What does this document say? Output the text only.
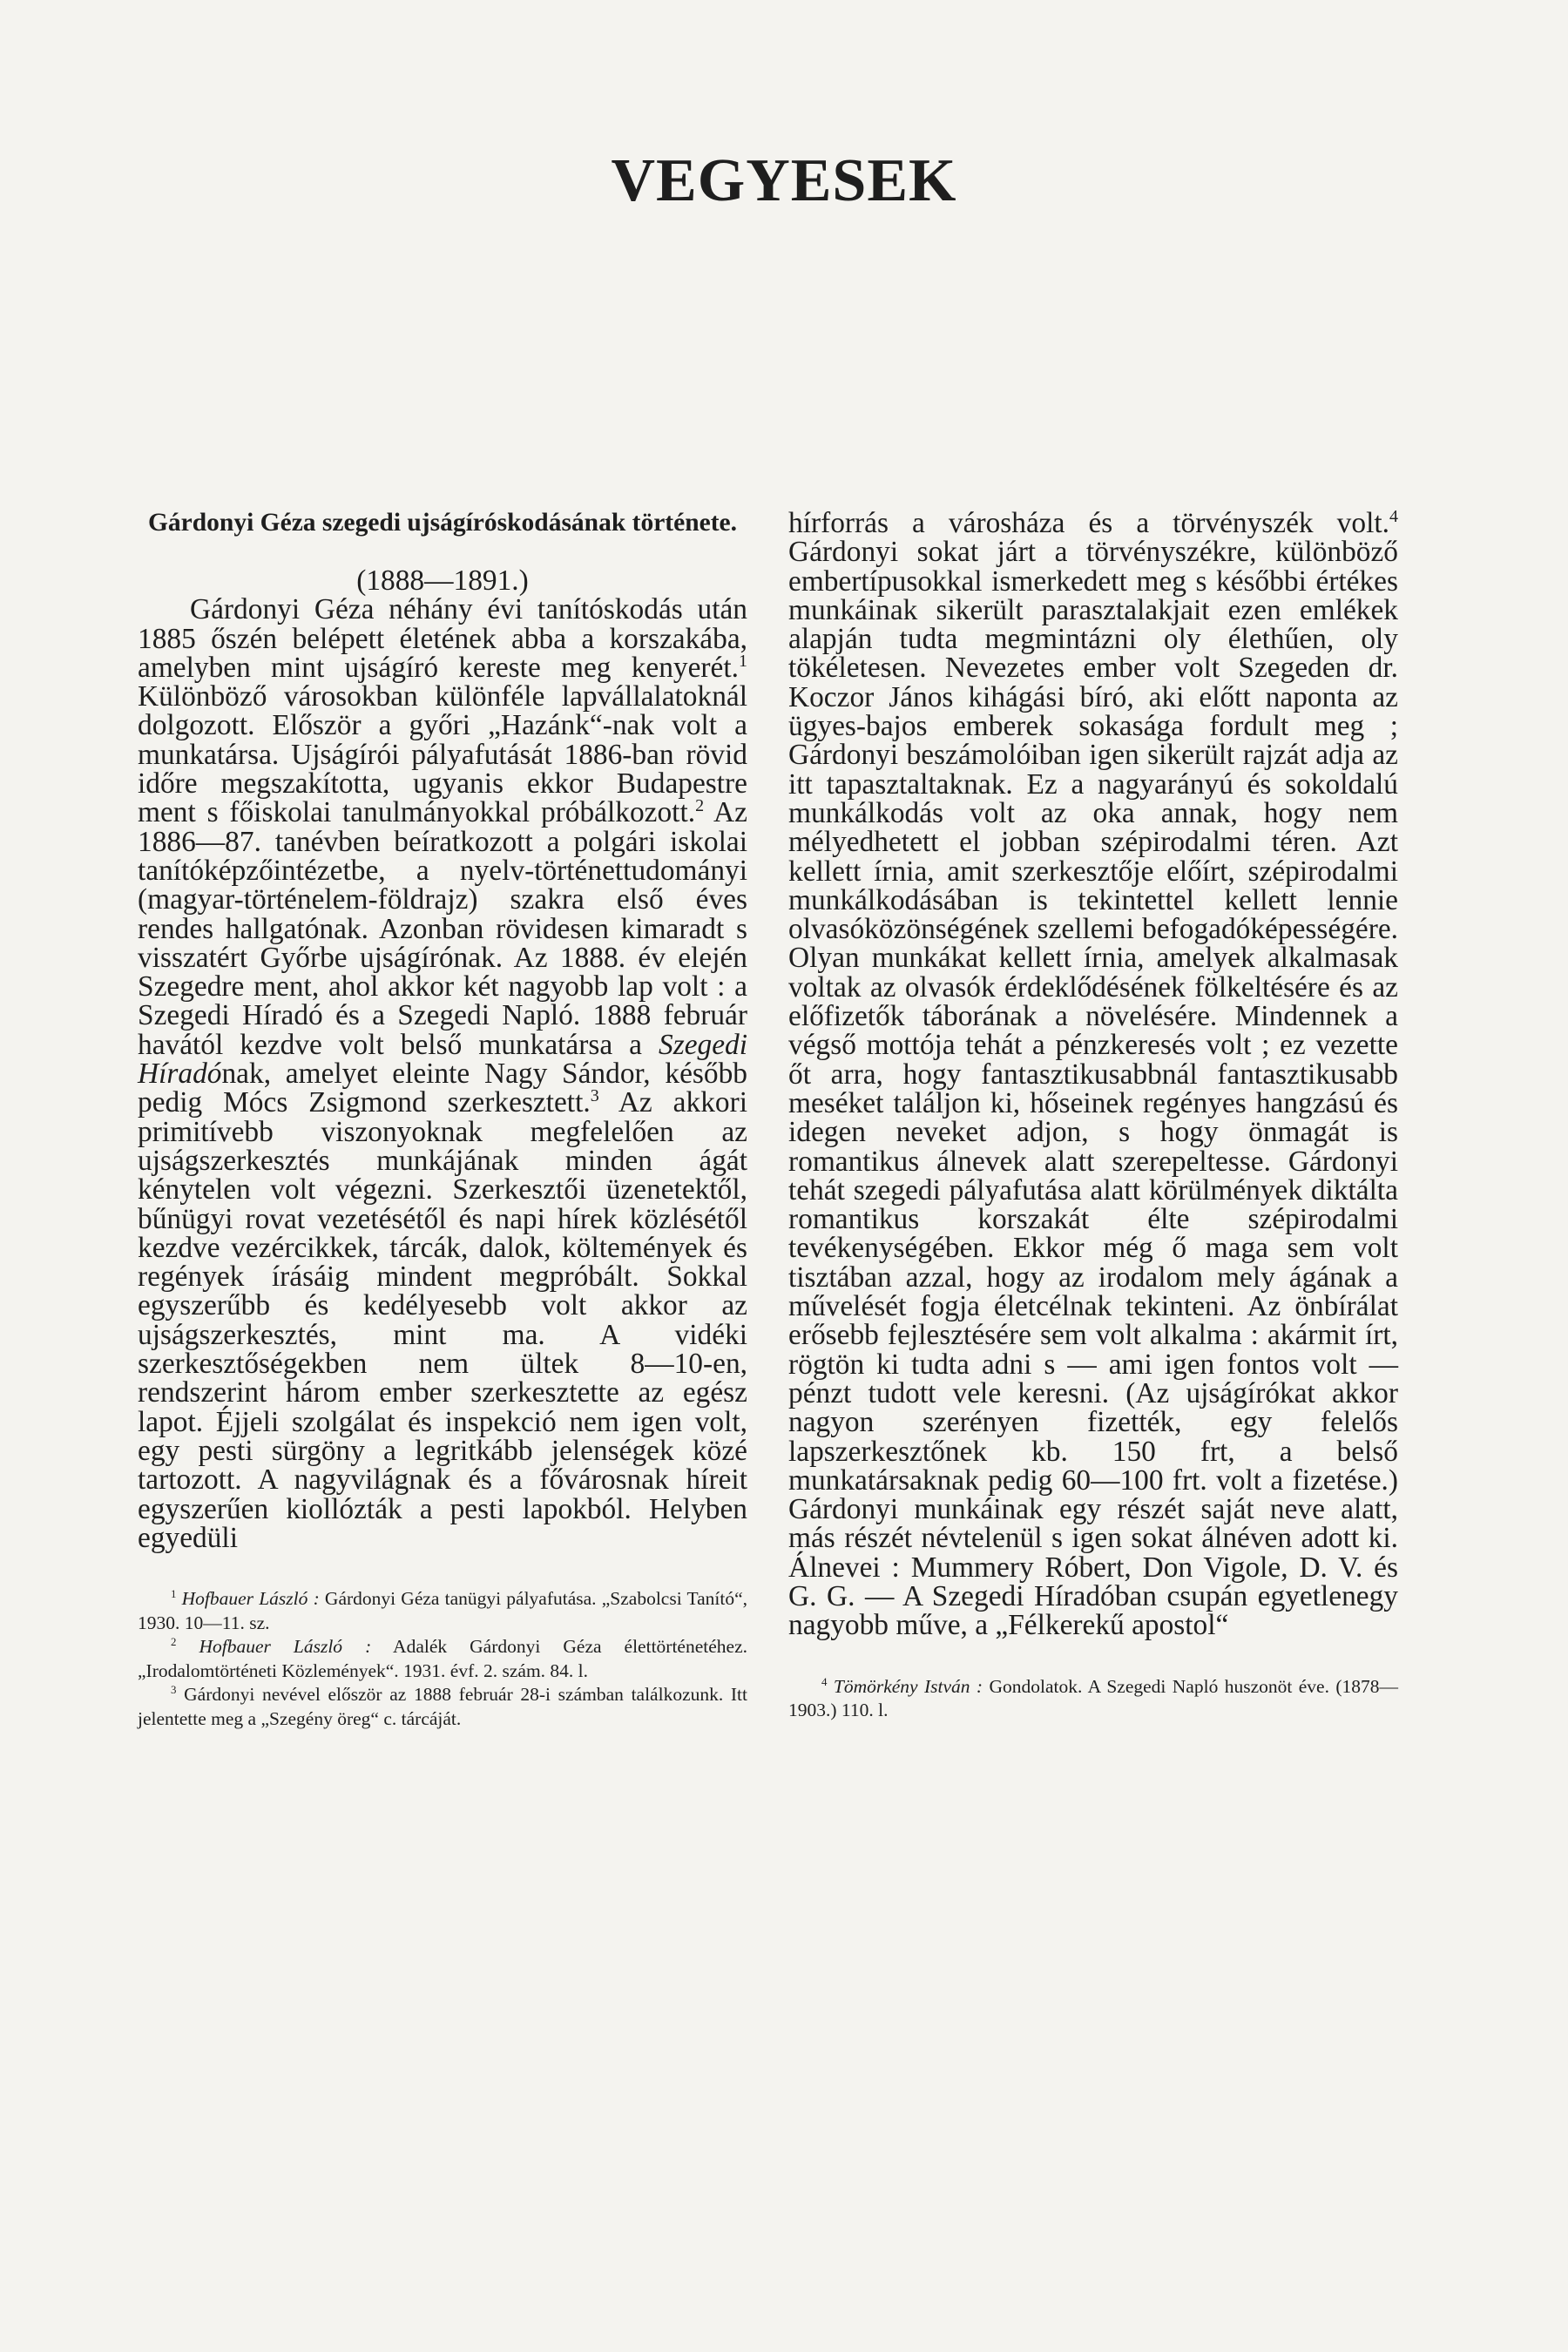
VEGYESEK
Gárdonyi Géza szegedi ujságíróskodásának története.

(1888—1891.)

Gárdonyi Géza néhány évi tanítóskodás után 1885 őszén belépett életének abba a korszakába, amelyben mint ujságíró kereste meg kenyerét.$^1$ Különböző városokban különféle lapvállalatoknál dolgozott. Először a győri „Hazánk“-nak volt a munkatársa. Ujságírói pályafutását 1886-ban rövid időre megszakította, ugyanis ekkor Budapestre ment s főiskolai tanulmányokkal próbálkozott.$^2$ Az 1886—87. tanévben beíratkozott a polgári iskolai tanítóképzőintézetbe, a nyelv-történettudományi (magyar-történelem-földrajz) szakra első éves rendes hallgatónak. Azonban rövidesen kimaradt s visszatért Győrbe ujságírónak. Az 1888. év elején Szegedre ment, ahol akkor két nagyobb lap volt : a Szegedi Híradó és a Szegedi Napló. 1888 február havától kezdve volt belső munkatársa a Szegedi Híradónak, amelyet eleinte Nagy Sándor, később pedig Mócs Zsigmond szerkesztett.$^3$ Az akkori primitívebb viszonyoknak megfelelően az ujságszerkesztés munkájának minden ágát kénytelen volt végezni. Szerkesztői üzenetektől, bűnügyi rovat vezetésétől és napi hírek közlésétől kezdve vezércikkek, tárcák, dalok, költemények és regények írásáig mindent megpróbált. Sokkal egyszerűbb és kedélyesebb volt akkor az ujságszerkesztés, mint ma. A vidéki szerkesztőségekben nem ültek 8—10-en, rendszerint három ember szerkesztette az egész lapot. Éjjeli szolgálat és inspekció nem igen volt, egy pesti sürgöny a legritkább jelenségek közé tartozott. A nagyvilágnak és a fővárosnak híreit egyszerűen kiollózták a pesti lapokból. Helyben egyedüli

$^1$ Hofbauer László : Gárdonyi Géza tanügyi pályafutása. „Szabolcsi Tanító“, 1930. 10—11. sz.

$^2$ Hofbauer László : Adalék Gárdonyi Géza élettörténetéhez. „Irodalomtörténeti Közlemények“. 1931. évf. 2. szám. 84. l.

$^3$ Gárdonyi nevével először az 1888 február 28-i számban találkozunk. Itt jelentette meg a „Szegény öreg“ c. tárcáját.

hírforrás a városháza és a törvényszék volt.$^4$ Gárdonyi sokat járt a törvényszékre, különböző embertípusokkal ismerkedett meg s későbbi értékes munkáinak sikerült parasztalakjait ezen emlékek alapján tudta megmintázni oly élethűen, oly tökéletesen. Nevezetes ember volt Szegeden dr. Koczor János kihágási bíró, aki előtt naponta az ügyes-bajos emberek sokasága fordult meg ; Gárdonyi beszámolóiban igen sikerült rajzát adja az itt tapasztaltaknak. Ez a nagyarányú és sokoldalú munkálkodás volt az oka annak, hogy nem mélyedhetett el jobban szépirodalmi téren. Azt kellett írnia, amit szerkesztője előírt, szépirodalmi munkálkodásában is tekintettel kellett lennie olvasóközönségének szellemi befogadóképességére. Olyan munkákat kellett írnia, amelyek alkalmasak voltak az olvasók érdeklődésének fölkeltésére és az előfizetők táborának a növelésére. Mindennek a végső mottója tehát a pénzkeresés volt ; ez vezette őt arra, hogy fantasztikusabbnál fantasztikusabb meséket találjon ki, hőseinek regényes hangzású és idegen neveket adjon, s hogy önmagát is romantikus álnevek alatt szerepeltesse. Gárdonyi tehát szegedi pályafutása alatt körülmények diktálta romantikus korszakát élte szépirodalmi tevékenységében. Ekkor még ő maga sem volt tisztában azzal, hogy az irodalom mely ágának a művelését fogja életcélnak tekinteni. Az önbírálat erősebb fejlesztésére sem volt alkalma : akármit írt, rögtön ki tudta adni s — ami igen fontos volt — pénzt tudott vele keresni. (Az ujságírókat akkor nagyon szerényen fizették, egy felelős lapszerkesztőnek kb. 150 frt, a belső munkatársaknak pedig 60—100 frt. volt a fizetése.) Gárdonyi munkáinak egy részét saját neve alatt, más részét névtelenül s igen sokat álnéven adott ki. Álnevei : Mummery Róbert, Don Vigole, D. V. és G. G. — A Szegedi Híradóban csupán egyetlenegy nagyobb műve, a „Félkerekű apostol“

$^4$ Tömörkény István : Gondolatok. A Szegedi Napló huszonöt éve. (1878—1903.) 110. l.
